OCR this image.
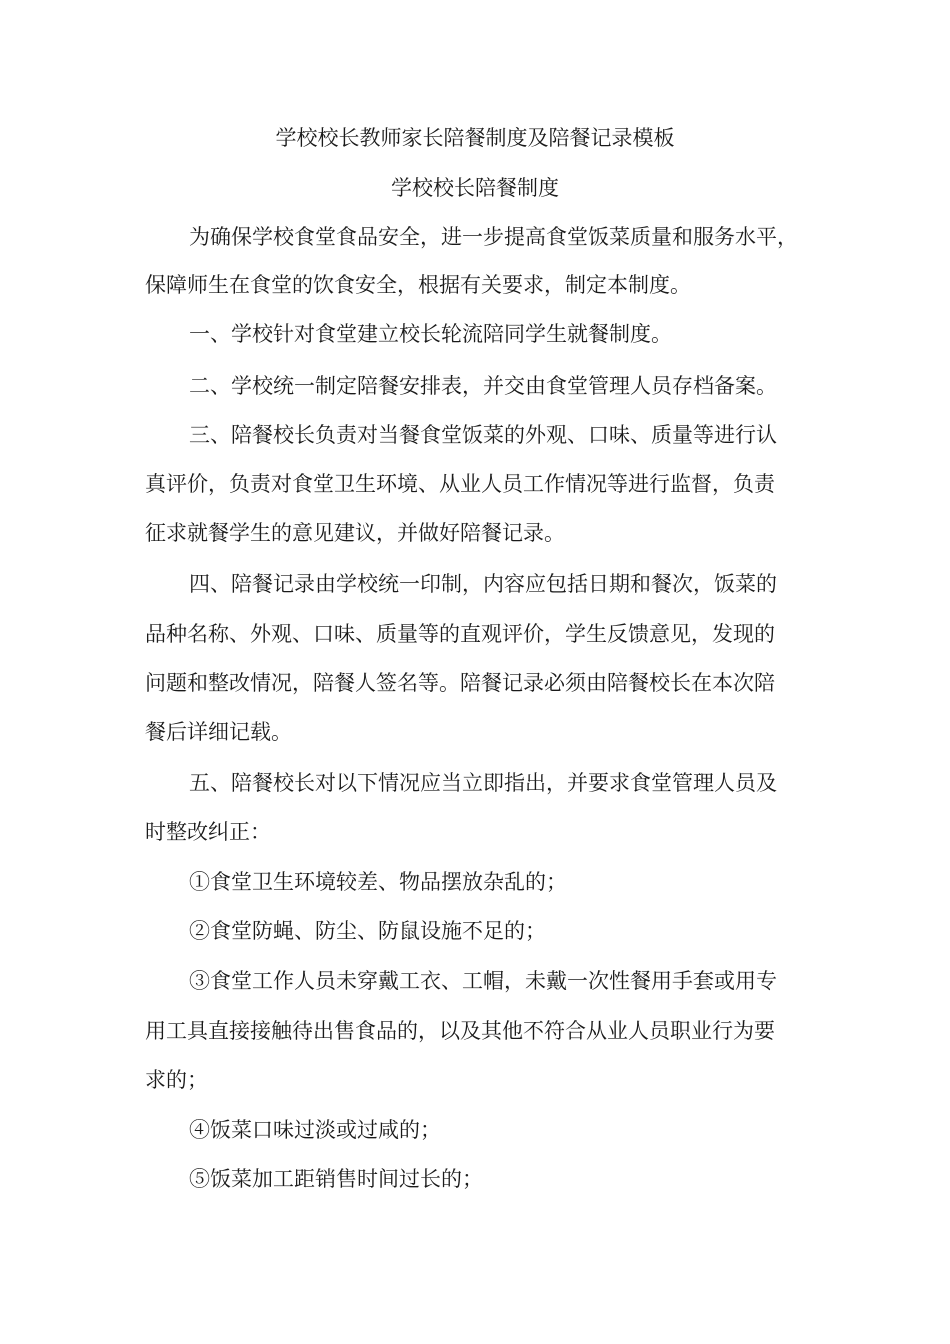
学校校长教师家长陪餐制度及陪餐记录模板
学校校长陪餐制度
为确保学校食堂食品安全，进一步提高食堂饭菜质量和服务水平，
保障师生在食堂的饮食安全，根据有关要求，制定本制度。
一、学校针对食堂建立校长轮流陪同学生就餐制度。
二、学校统一制定陪餐安排表，并交由食堂管理人员存档备案。
三、陪餐校长负责对当餐食堂饭菜的外观、口味、质量等进行认
真评价，负责对食堂卫生环境、从业人员工作情况等进行监督，负责
征求就餐学生的意见建议，并做好陪餐记录。
四、陪餐记录由学校统一印制，内容应包括日期和餐次，饭菜的
品种名称、外观、口味、质量等的直观评价，学生反馈意见，发现的
问题和整改情况，陪餐人签名等。陪餐记录必须由陪餐校长在本次陪
餐后详细记载。
五、陪餐校长对以下情况应当立即指出，并要求食堂管理人员及
时整改纠正：
①食堂卫生环境较差、物品摆放杂乱的；
②食堂防蝇、防尘、防鼠设施不足的；
③食堂工作人员未穿戴工衣、工帽，未戴一次性餐用手套或用专
用工具直接接触待出售食品的，以及其他不符合从业人员职业行为要
求的；
④饭菜口味过淡或过咸的；
⑤饭菜加工距销售时间过长的；
